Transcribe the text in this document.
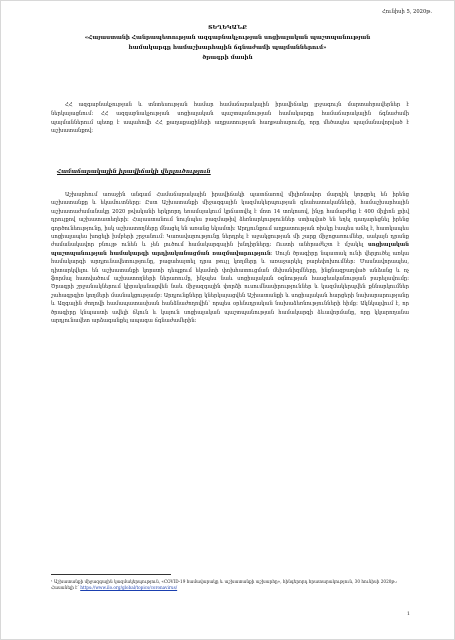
Հունիսի 5, 2020թ.
ՏԵՂԵԿԱՆՔ
«Հայաստանի Հանրապետության ազգաբնակչության սոցիալական պաշտպանության
համակարգը համաշխարհային ճգնաժամի պայմաններում»
ծրագրի մասին

ՀՀ ազգաբնակչության և տնտեսության համար համաճարակային իրավիճակը լրջագույն մարտահրավերներ է ներկայացնում: ՀՀ ազգաբնակչության սոցիալական պաշտպանության համակարգը համաճարակային ճգնաժամի պայմաններում պետք է ապահովի ՀՀ քաղաքացիների աղքատության հաղթահարումը, որը մեծապես պայմանավորված է աշխատանքով:

Համաճարակային իրավիճակի վերլուծություն

Աշխարհում առաջին անգամ Համաճարակային իրավիճակի պատճառով միլիոնավոր մարդիկ կորցրել են իրենց աշխատանքը և եկամուտները։ Ըստ Աշխատանքի միջազգային կազմակերպության գնահատականների, համաշխարհային աշխատաժամանակը 2020 թվականի երկրորդ եռամսյակում կրճատվել է մոտ 14 տոկոսով, ինչը համարժեք է 400 միլիոն լրիվ դրույքով աշխատատեղերի։ Հայաստանում նույնպես բազմաթիվ ձեռնարկություններ ստիպված են եղել դադարեցնել իրենց գործունեությունը, իսկ աշխատողները մնացել են առանց եկամտի։ Արդյունքում աղքատության ռիսկը էապես աճել է, հատկապես սոցիալապես խոցելի խմբերի շրջանում։ Կառավարությունը ներդրել է աջակցության մի շարք միջոցառումներ, սակայն դրանք ժամանակավոր բնույթ ունեն և չեն լուծում համակարգային խնդիրները։ Ուստի անհրաժեշտ է մշակել սոցիալական պաշտպանության համակարգի արդիականացման ռազմավարություն։ Սույն ծրագիրը նպատակ ունի վերլուծել առկա համակարգի արդյունավետությունը, բացահայտել դրա թույլ կողմերը և առաջարկել բարեփոխումներ։ Մասնավորապես, դիտարկվելու են աշխատանքի կորստի դեպքում եկամտի փոխհատուցման մեխանիզմները, ինքնազբաղված անձանց և ոչ ֆորմալ հատվածում աշխատողների ներառումը, ինչպես նաև սոցիալական օգնության հասցեականության բարելավումը։ Ծրագրի շրջանակներում կիրականացվեն նաև միջազգային փորձի ուսումնասիրություններ և կազմակերպվեն քննարկումներ շահագրգիռ կողմերի մասնակցությամբ։ Արդյունքները կներկայացվեն Աշխատանքի և սոցիալական հարցերի նախարարությանը և Ազգային ժողովի համապատասխան հանձնաժողովին՝ որպես օրենսդրական նախաձեռնությունների հիմք։ Ակնկալվում է, որ ծրագիրը կնպաստի ավելի ճկուն և կայուն սոցիալական պաշտպանության համակարգի ձևավորմանը, որը կկարողանա արդյունավետ արձագանքել ապագա ճգնաժամերին։

¹ Աշխատանքի միջազգային կազմակերպություն, «COVID-19 համավարակը և աշխատանքի աշխարհը», հինգերորդ հրատարակություն, 30 հունիսի 2020թ.։ Հասանելի է՝ https://www.ilo.org/global/topics/coronavirus/
1
